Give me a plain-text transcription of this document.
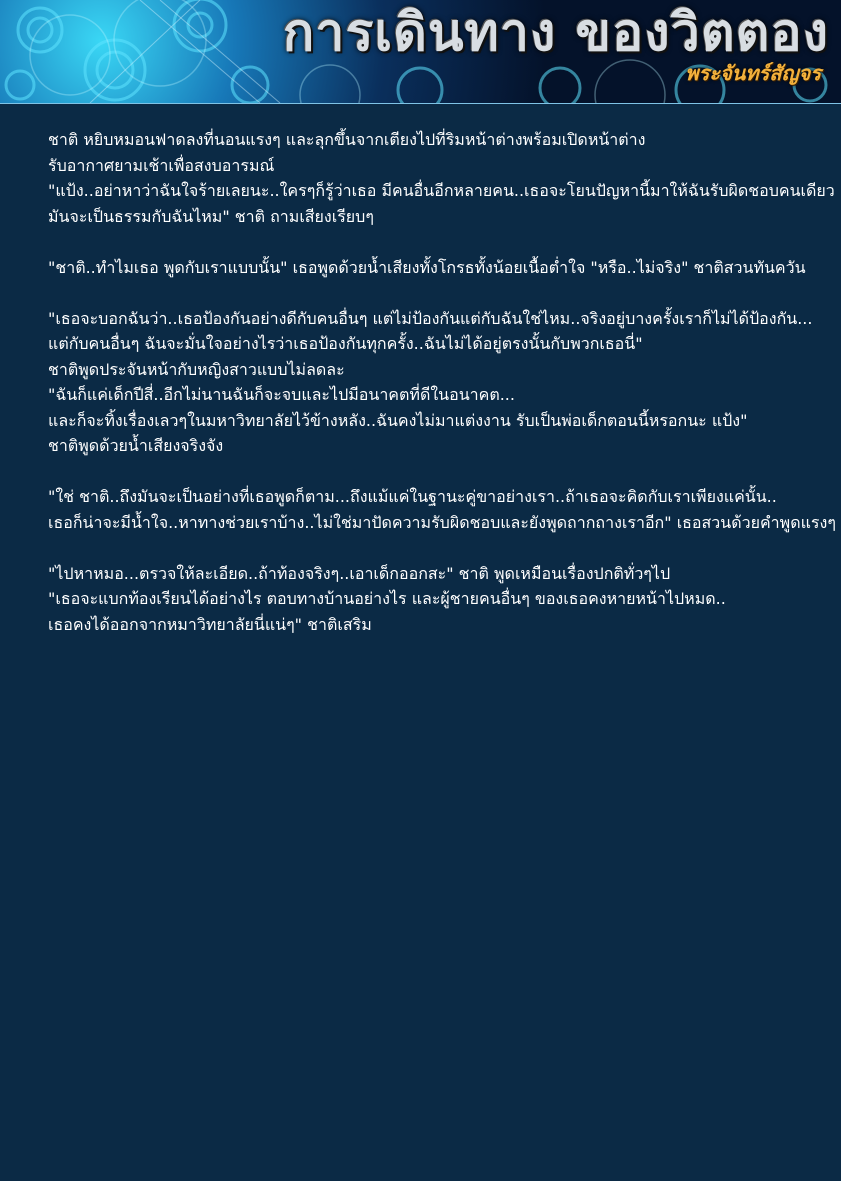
การเดินทาง ของวิตตอง
พระจันทร์สัญจร
ชาติ หยิบหมอนฟาดลงที่นอนแรงๆ และลุกขึ้นจากเตียงไปที่ริมหน้าต่างพร้อมเปิดหน้าต่าง
รับอากาศยามเช้าเพื่อสงบอารมณ์
"แป้ง..อย่าหาว่าฉันใจร้ายเลยนะ..ใครๆก็รู้ว่าเธอ มีคนอื่นอีกหลายคน..เธอจะโยนปัญหานี้มาให้ฉันรับผิดชอบคนเดียว
มันจะเป็นธรรมกับฉันไหม" ชาติ ถามเสียงเรียบๆ
"ชาติ..ทำไมเธอ พูดกับเราแบบนั้น" เธอพูดด้วยน้ำเสียงทั้งโกรธทั้งน้อยเนื้อต่ำใจ "หรือ..ไม่จริง" ชาติสวนทันควัน
"เธอจะบอกฉันว่า..เธอป้องกันอย่างดีกับคนอื่นๆ แต่ไม่ป้องกันแต่กับฉันใช่ไหม..จริงอยู่บางครั้งเราก็ไม่ได้ป้องกัน...
แต่กับคนอื่นๆ ฉันจะมั่นใจอย่างไรว่าเธอป้องกันทุกครั้ง..ฉันไม่ได้อยู่ตรงนั้นกับพวกเธอนี่"
ชาติพูดประจันหน้ากับหญิงสาวแบบไม่ลดละ
"ฉันก็แค่เด็กปีสี่..อีกไม่นานฉันก็จะจบและไปมีอนาคตที่ดีในอนาคต...
และก็จะทิ้งเรื่องเลวๆในมหาวิทยาลัยไว้ข้างหลัง..ฉันคงไม่มาแต่งงาน รับเป็นพ่อเด็กตอนนี้หรอกนะ แป้ง"
ชาติพูดด้วยน้ำเสียงจริงจัง
"ใช่ ชาติ..ถึงมันจะเป็นอย่างที่เธอพูดก็ตาม...ถึงแม้แค่ในฐานะคู่ขาอย่างเรา..ถ้าเธอจะคิดกับเราเพียงแค่นั้น..
เธอก็น่าจะมีน้ำใจ..หาทางช่วยเราบ้าง..ไม่ใช่มาปัดความรับผิดชอบและยังพูดถากถางเราอีก" เธอสวนด้วยคำพูดแรงๆ
"ไปหาหมอ...ตรวจให้ละเอียด..ถ้าท้องจริงๆ..เอาเด็กออกสะ" ชาติ พูดเหมือนเรื่องปกติทั่วๆไป
"เธอจะแบกท้องเรียนได้อย่างไร ตอบทางบ้านอย่างไร และผู้ชายคนอื่นๆ ของเธอคงหายหน้าไปหมด..
เธอคงได้ออกจากหมาวิทยาลัยนี่แน่ๆ" ชาติเสริม
